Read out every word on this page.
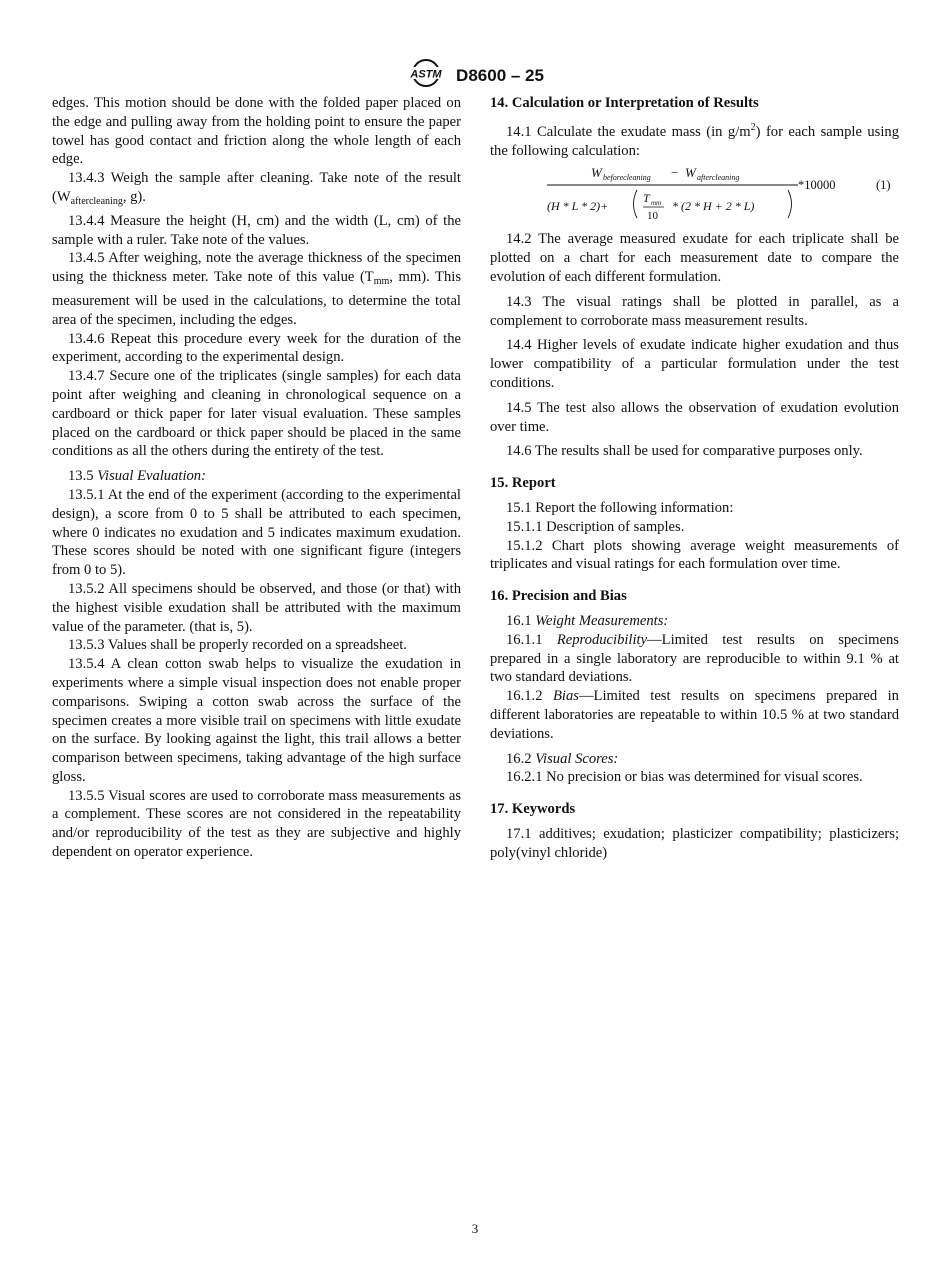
ASTM D8600 – 25

edges. This motion should be done with the folded paper placed on the edge and pulling away from the holding point to ensure the paper towel has good contact and friction along the whole length of each edge.

13.4.3 Weigh the sample after cleaning. Take note of the result ($W_{aftercleaning}$, g).

13.4.4 Measure the height (H, cm) and the width (L, cm) of the sample with a ruler. Take note of the values.

13.4.5 After weighing, note the average thickness of the specimen using the thickness meter. Take note of this value ($T_{mm}$, mm). This measurement will be used in the calculations, to determine the total area of the specimen, including the edges.

13.4.6 Repeat this procedure every week for the duration of the experiment, according to the experimental design.

13.4.7 Secure one of the triplicates (single samples) for each data point after weighing and cleaning in chronological sequence on a cardboard or thick paper for later visual evaluation. These samples placed on the cardboard or thick paper should be placed in the same conditions as all the others during the entirety of the test.

13.5 Visual Evaluation:

13.5.1 At the end of the experiment (according to the experimental design), a score from 0 to 5 shall be attributed to each specimen, where 0 indicates no exudation and 5 indicates maximum exudation. These scores should be noted with one significant figure (integers from 0 to 5).

13.5.2 All specimens should be observed, and those (or that) with the highest visible exudation shall be attributed with the maximum value of the parameter. (that is, 5).

13.5.3 Values shall be properly recorded on a spreadsheet.

13.5.4 A clean cotton swab helps to visualize the exudation in experiments where a simple visual inspection does not enable proper comparisons. Swiping a cotton swab across the surface of the specimen creates a more visible trail on specimens with little exudate on the surface. By looking against the light, this trail allows a better comparison between specimens, taking advantage of the high surface gloss.

13.5.5 Visual scores are used to corroborate mass measurements as a complement. These scores are not considered in the repeatability and/or reproducibility of the test as they are subjective and highly dependent on operator experience.

14. Calculation or Interpretation of Results

14.1 Calculate the exudate mass (in $g/m^2$) for each sample using the following calculation:

W beforecleaning − W aftercleaning
*10000	(1)
(H * L * 2)+
T mm
10
* (2 * H + 2 * L)

14.2 The average measured exudate for each triplicate shall be plotted on a chart for each measurement date to compare the evolution of each different formulation.

14.3 The visual ratings shall be plotted in parallel, as a complement to corroborate mass measurement results.

14.4 Higher levels of exudate indicate higher exudation and thus lower compatibility of a particular formulation under the test conditions.

14.5 The test also allows the observation of exudation evolution over time.

14.6 The results shall be used for comparative purposes only.

15. Report

15.1 Report the following information:

15.1.1 Description of samples.

15.1.2 Chart plots showing average weight measurements of triplicates and visual ratings for each formulation over time.

16. Precision and Bias

16.1 Weight Measurements:

16.1.1 Reproducibility—Limited test results on specimens prepared in a single laboratory are reproducible to within 9.1 % at two standard deviations.

16.1.2 Bias—Limited test results on specimens prepared in different laboratories are repeatable to within 10.5 % at two standard deviations.

16.2 Visual Scores:

16.2.1 No precision or bias was determined for visual scores.

17. Keywords

17.1 additives; exudation; plasticizer compatibility; plasticizers; poly(vinyl chloride)

3
